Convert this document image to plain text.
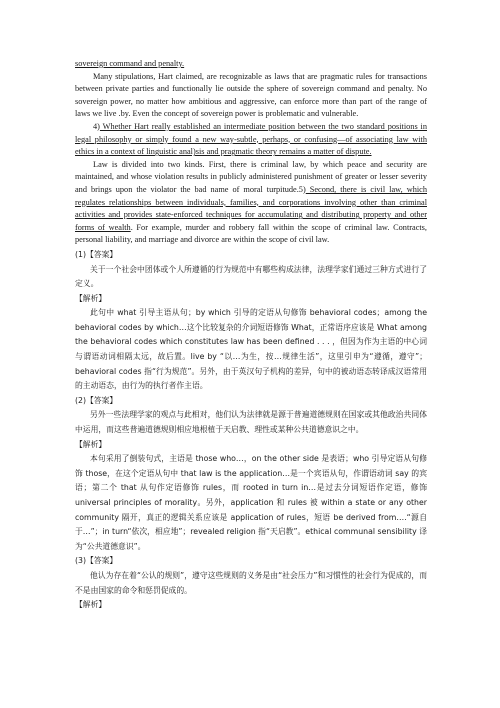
sovereign command and penalty.

Many stipulations, Hart claimed, are recognizable as laws that are pragmatic rules for transactions between private parties and functionally lie outside the sphere of sovereign command and penalty. No sovereign power, no matter how ambitious and aggressive, can enforce more than part of the range of laws we live .by. Even the concept of sovereign power is problematic and vulnerable.

4) Whether Hart really established an intermediate position between the two standard positions in legal philosophy or simply found a new way-subtle, perhaps, or confusing—of associating law with ethics in a context of linguistic anal)sis and pragmatic theory remains a matter of dispute.

Law is divided into two kinds. First, there is criminal law, by which peace and security are maintained, and whose violation results in publicly administered punishment of greater or lesser severity and brings upon the violator the bad name of moral turpitude.5) Second, there is civil law, which regulates relationships between individuals, families, and corporations involving other than criminal activities and provides state-enforced techniques for accumulating and distributing property and other forms of wealth. For example, murder and robbery fall within the scope of criminal law. Contracts, personal liability, and marriage and divorce are within the scope of civil law.

(1)【答案】

关于一个社会中团体或个人所遵循的行为规范中有哪些构成法律，法理学家们通过三种方式进行了定义。

【解析】

此句中 what 引导主语从句；by which 引导的定语从句修饰 behavioral codes；among the behavioral codes by which…这个比较复杂的介词短语修饰 What，正常语序应该是 What among the behavioral codes which constitutes law has been defined . . . ，但因为作为主语的中心词与谓语动词相隔太远，故后置。live by “以…为生，按…规律生活”，这里引申为“遵循，遵守”；behavioral codes 指“行为规范”。另外，由于英汉句子机构的差异，句中的被动语态转译成汉语常用的主动语态，由行为的执行者作主语。

(2)【答案】

另外一些法理学家的观点与此相对，他们认为法律就是源于普遍道德规则在国家或其他政治共同体中运用，而这些普遍道德规则相应地根植于天启教、理性或某种公共道德意识之中。

【解析】

本句采用了倒装句式，主语是 those who…，on the other side 是表语；who 引导定语从句修饰 those，在这个定语从句中 that law is the application…是一个宾语从句，作谓语动词 say 的宾语；第二个 that 从句作定语修饰 rules，而 rooted in turn in…是过去分词短语作定语，修饰 universal principles of morality。另外，application 和 rules 被 within a state or any other community 隔开，真正的逻辑关系应该是 application of rules，短语 be derived from….“源自于…”；in turn“依次，相应地”；revealed religion 指“天启教”。ethical communal sensibility 译为“公共道德意识”。

(3)【答案】

他认为存在着“公认的规则”，遵守这些规则的义务是由“社会压力”和习惯性的社会行为促成的，而不是由国家的命令和惩罚促成的。

【解析】
